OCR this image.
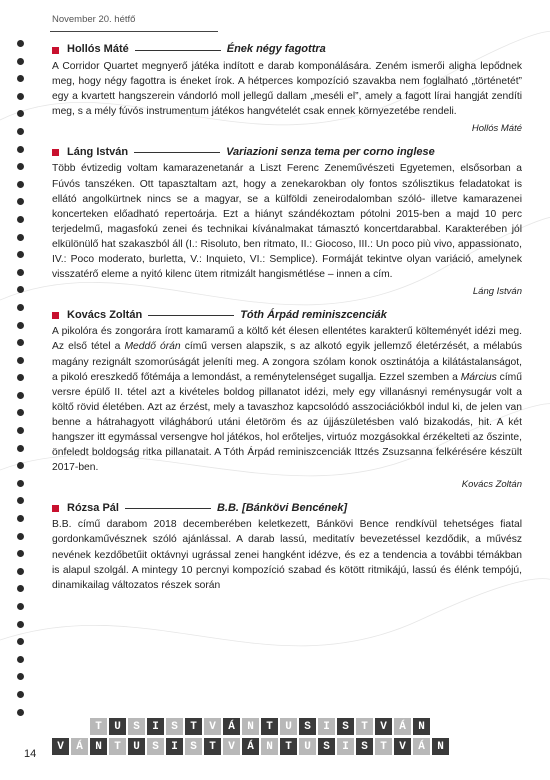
November 20. hétfő
Hollós Máté	Ének négy fagottra

A Corridor Quartet megnyerő játéka indított e darab komponálására. Zeném ismerői aligha lepődnek meg, hogy négy fagottra is éneket írok. A hétperces kompozíció szavakba nem foglalható „történetét” egy a kvartett hangszerein vándorló moll jellegű dallam „meséli el”, amely a fagott lírai hangját zendíti meg, s a mély fúvós instrumentum játékos hangvételét csak ennek környezetébe rendeli.

Hollós Máté
Láng István	Variazioni senza tema per corno inglese

Több évtizedig voltam kamarazenetanár a Liszt Ferenc Zeneművészeti Egyetemen, elsősorban a Fúvós tanszéken. Ott tapasztaltam azt, hogy a zenekarokban oly fontos szólisztikus feladatokat is ellátó angolkürtnek nincs se a magyar, se a külföldi zeneirodalomban szóló- illetve kamarazenei koncerteken előadható repertoárja. Ezt a hiányt szándékoztam pótolni 2015-ben a majd 10 perc terjedelmű, magasfokú zenei és technikai kívánalmakat támasztó koncertdarabbal. Karakterében jól elkülönülő hat szakaszból áll (I.: Risoluto, ben ritmato, II.: Giocoso, III.: Un poco più vivo, appassionato, IV.: Poco moderato, burletta, V.: Inquieto, VI.: Semplice). Formáját tekintve olyan variáció, amelynek visszatérő eleme a nyitó kilenc ütem ritmizált hangismétlése – innen a cím.

Láng István
Kovács Zoltán	Tóth Árpád reminiszcenciák

A pikolóra és zongorára írott kamaramű a költő két élesen ellentétes karakterű költeményét idézi meg. Az első tétel a Meddő órán című versen alapszik, s az alkotó egyik jellemző életérzését, a mélabús magány rezignált szomorúságát jeleníti meg. A zongora szólam konok osztinátója a kilátástalanságot, a pikoló ereszkedő főtémája a lemondást, a reménytelenséget sugallja. Ezzel szemben a Március című versre épülő II. tétel azt a kivételes boldog pillanatot idézi, mely egy villanásnyi reménysugár volt a költő rövid életében. Azt az érzést, mely a tavaszhoz kapcsolódó asszociációkból indul ki, de jelen van benne a hátrahagyott világháború utáni életöröm és az újjászületésben való bizakodás, hit. A két hangszer itt egymással versengve hol játékos, hol erőteljes, virtuóz mozgásokkal érzékelteti az őszinte, önfeledt boldogság ritka pillanatait. A Tóth Árpád reminiszcenciák Ittzés Zsuzsanna felkérésére készült 2017-ben.

Kovács Zoltán
Rózsa Pál	B.B. [Bánkövi Bencének]

B.B. című darabom 2018 decemberében keletkezett, Bánkövi Bence rendkívül tehetséges fiatal gordonkaművésznek szóló ajánlással. A darab lassú, meditatív bevezetéssel kezdődik, a művész nevének kezdőbetűit oktávnyi ugrással zenei hangként idézve, és ez a tendencia a további témákban is alapul szolgál. A mintegy 10 percnyi kompozíció szabad és kötött ritmikájú, lassú és élénk tempójú, dinamikailag változatos részek során

T	U	S	I	S	T	V	Á	N	T	U	S	I	S	T	V	Á	N
V	Á	N	T	U	S	I	S	T	V	Á	N	T	U	S	I	S	T	V	Á	N
14
